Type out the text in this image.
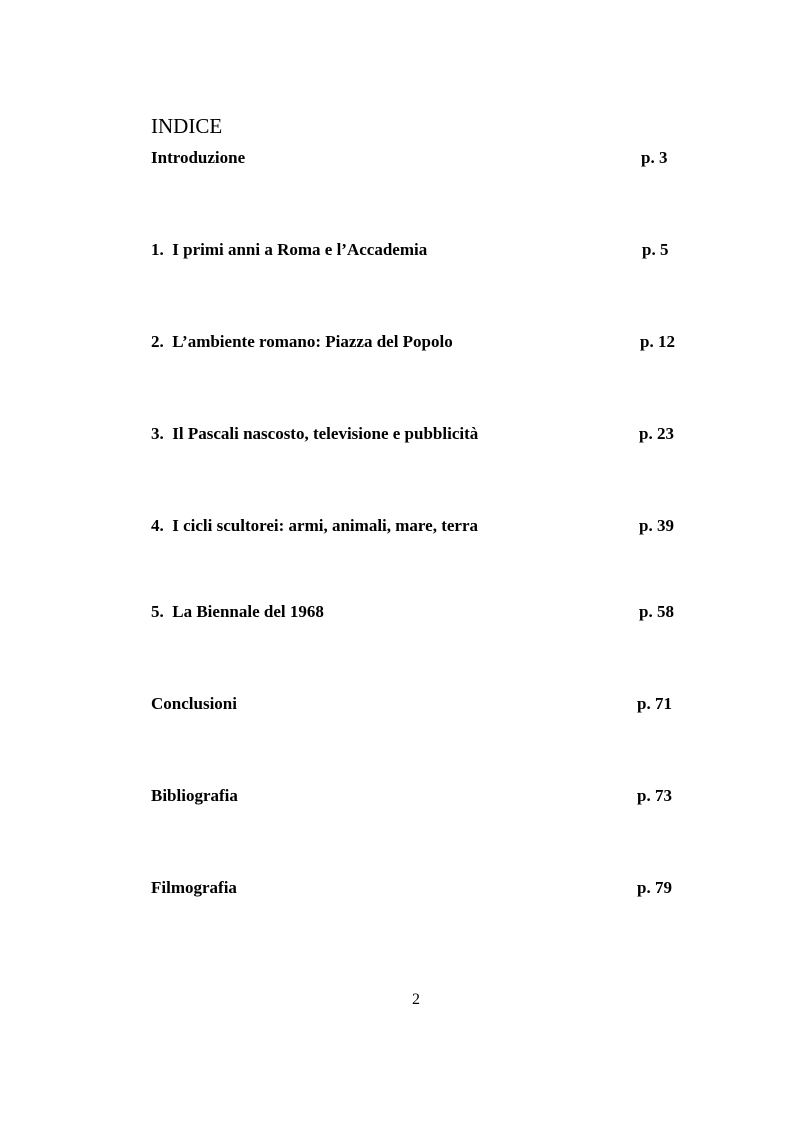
INDICE
Introduzione	p. 3
1.  I primi anni a Roma e l’Accademia	p. 5
2.  L’ambiente romano: Piazza del Popolo	p. 12
3.  Il Pascali nascosto, televisione e pubblicità	p. 23
4.  I cicli scultorei: armi, animali, mare, terra	p. 39
5.  La Biennale del 1968	p. 58
Conclusioni	p. 71
Bibliografia	p. 73
Filmografia	p. 79
2
